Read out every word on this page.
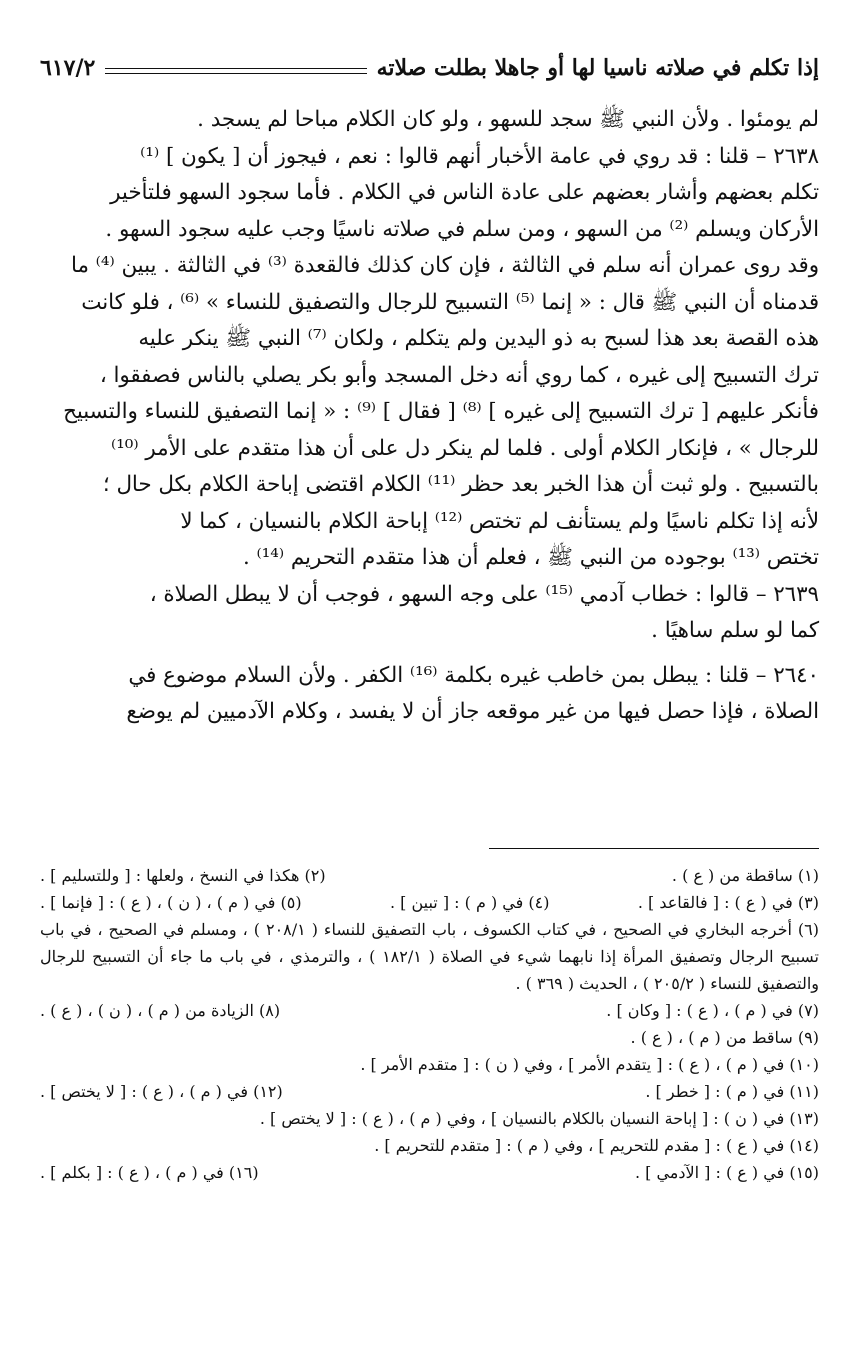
إذا تكلم في صلاته ناسيا لها أو جاهلا بطلت صلاته
٦١٧/٢

لم يومئوا . ولأن النبي ﷺ سجد للسهو ، ولو كان الكلام مباحا لم يسجد .

٢٦٣٨ – قلنا : قد روي في عامة الأخبار أنهم قالوا : نعم ، فيجوز أن [ يكون ] ⁽¹⁾

تكلم بعضهم وأشار بعضهم على عادة الناس في الكلام . فأما سجود السهو فلتأخير

الأركان ويسلم ⁽²⁾ من السهو ، ومن سلم في صلاته ناسيًا وجب عليه سجود السهو .

وقد روى عمران أنه سلم في الثالثة ، فإن كان كذلك فالقعدة ⁽³⁾ في الثالثة . يبين ⁽⁴⁾ ما

قدمناه أن النبي ﷺ قال : « إنما ⁽⁵⁾ التسبيح للرجال والتصفيق للنساء » ⁽⁶⁾ ، فلو كانت

هذه القصة بعد هذا لسبح به ذو اليدين ولم يتكلم ، ولكان ⁽⁷⁾ النبي ﷺ ينكر عليه

ترك التسبيح إلى غيره ، كما روي أنه دخل المسجد وأبو بكر يصلي بالناس فصفقوا ،

فأنكر عليهم [ ترك التسبيح إلى غيره ] ⁽⁸⁾ [ فقال ] ⁽⁹⁾ : « إنما التصفيق للنساء والتسبيح

للرجال » ، فإنكار الكلام أولى . فلما لم ينكر دل على أن هذا متقدم على الأمر ⁽¹⁰⁾

بالتسبيح . ولو ثبت أن هذا الخبر بعد حظر ⁽¹¹⁾ الكلام اقتضى إباحة الكلام بكل حال ؛

لأنه إذا تكلم ناسيًا ولم يستأنف لم تختص ⁽¹²⁾ إباحة الكلام بالنسيان ، كما لا

تختص ⁽¹³⁾ بوجوده من النبي ﷺ ، فعلم أن هذا متقدم التحريم ⁽¹⁴⁾ .

٢٦٣٩ – قالوا : خطاب آدمي ⁽¹⁵⁾ على وجه السهو ، فوجب أن لا يبطل الصلاة ،

كما لو سلم ساهيًا .

٢٦٤٠ – قلنا : يبطل بمن خاطب غيره بكلمة ⁽¹⁶⁾ الكفر . ولأن السلام موضوع في

الصلاة ، فإذا حصل فيها من غير موقعه جاز أن لا يفسد ، وكلام الآدميين لم يوضع

(١) ساقطة من ( ع ) .
(٢) هكذا في النسخ ، ولعلها : [ وللتسليم ] .
(٣) في ( ع ) : [ فالقاعد ] .
(٤) في ( م ) : [ تبين ] .
(٥) في ( م ) ، ( ن ) ، ( ع ) : [ فإنما ] .
(٦) أخرجه البخاري في الصحيح ، في كتاب الكسوف ، باب التصفيق للنساء ( ٢٠٨/١ ) ، ومسلم في الصحيح ، في باب تسبيح الرجال وتصفيق المرأة إذا نابهما شيء في الصلاة ( ١٨٢/١ ) ، والترمذي ، في باب ما جاء أن التسبيح للرجال والتصفيق للنساء ( ٢٠٥/٢ ) ، الحديث ( ٣٦٩ ) .
(٧) في ( م ) ، ( ع ) : [ وكان ] .
(٨) الزيادة من ( م ) ، ( ن ) ، ( ع ) .
(٩) ساقط من ( م ) ، ( ع ) .
(١٠) في ( م ) ، ( ع ) : [ يتقدم الأمر ] ، وفي ( ن ) : [ متقدم الأمر ] .
(١١) في ( م ) : [ خطر ] .
(١٢) في ( م ) ، ( ع ) : [ لا يختص ] .
(١٣) في ( ن ) : [ إباحة النسيان بالكلام بالنسيان ] ، وفي ( م ) ، ( ع ) : [ لا يختص ] .
(١٤) في ( ع ) : [ مقدم للتحريم ] ، وفي ( م ) : [ متقدم للتحريم ] .
(١٥) في ( ع ) : [ الآدمي ] .
(١٦) في ( م ) ، ( ع ) : [ بكلم ] .
